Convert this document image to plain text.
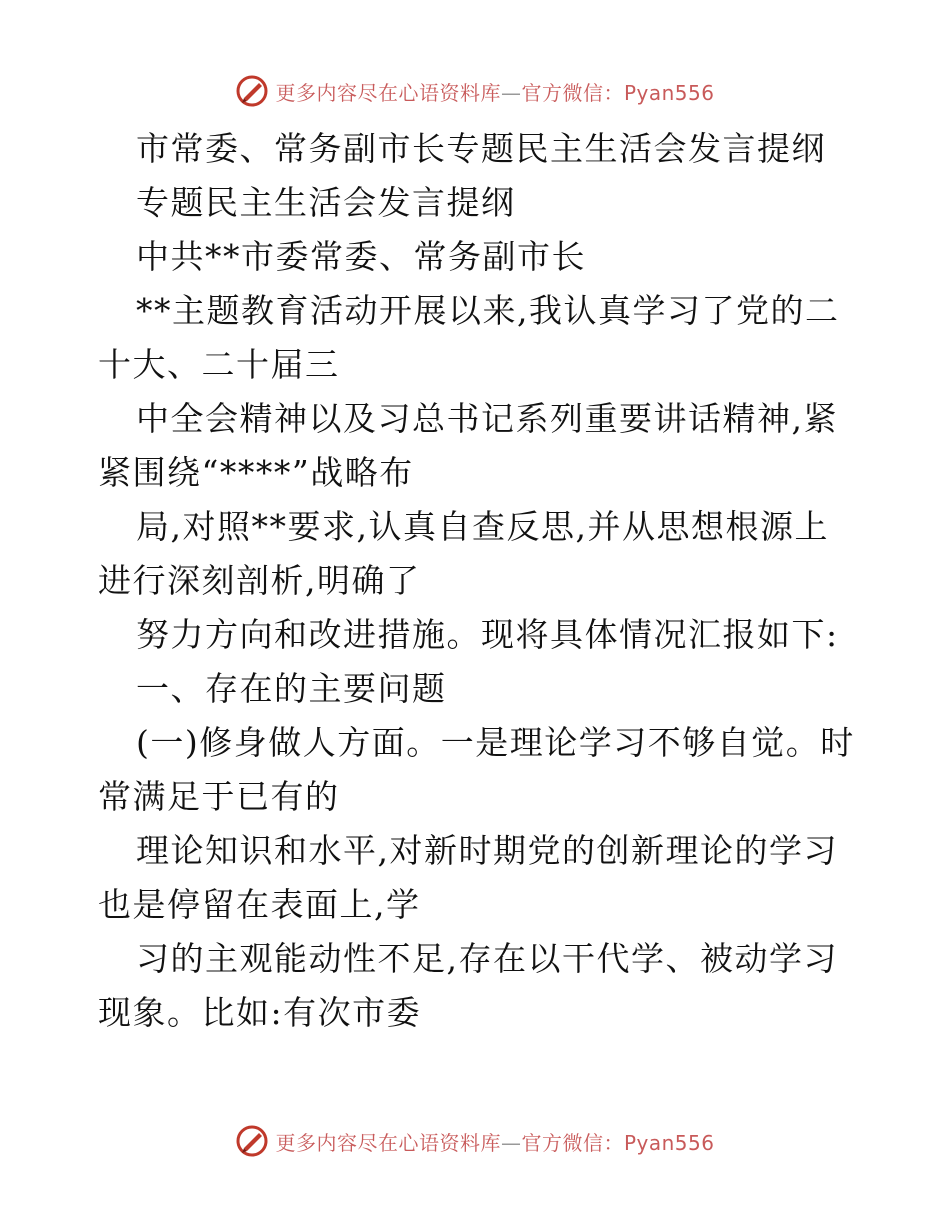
更多内容尽在心语资料库—官方微信：Pyan556
市常委、常务副市长专题民主生活会发言提纲
专题民主生活会发言提纲
中共**市委常委、常务副市长
**主题教育活动开展以来,我认真学习了党的二
十大、二十届三
中全会精神以及习总书记系列重要讲话精神,紧
紧围绕“****”战略布
局,对照**要求,认真自查反思,并从思想根源上
进行深刻剖析,明确了
努力方向和改进措施。现将具体情况汇报如下:
一、存在的主要问题
(一)修身做人方面。一是理论学习不够自觉。时
常满足于已有的
理论知识和水平,对新时期党的创新理论的学习
也是停留在表面上,学
习的主观能动性不足,存在以干代学、被动学习
现象。比如:有次市委
更多内容尽在心语资料库—官方微信：Pyan556
